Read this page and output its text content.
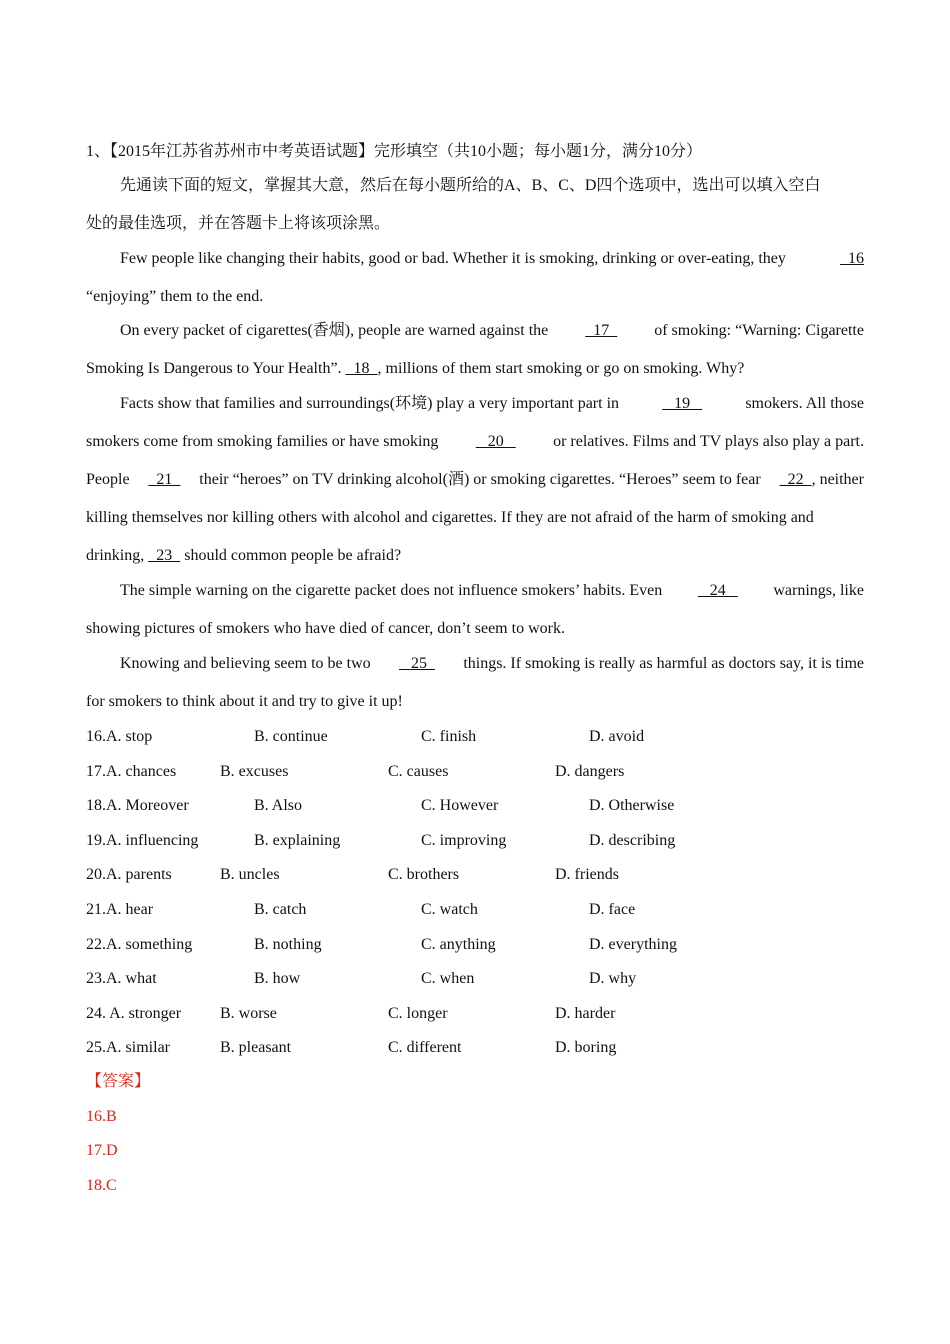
1、【2015年江苏省苏州市中考英语试题】完形填空（共10小题；每小题1分，满分10分）
先通读下面的短文，掌握其大意，然后在每小题所给的A、B、C、D四个选项中，选出可以填入空白
处的最佳选项，并在答题卡上将该项涂黑。
Few people like changing their habits, good or bad. Whether it is smoking, drinking or over-eating, they	16
“enjoying” them to the end.
On every packet of cigarettes(香烟), people are warned against the 17 of smoking: “Warning: Cigarette
Smoking Is Dangerous to Your Health”.   18  , millions of them start smoking or go on smoking. Why?
Facts show that families and surroundings(环境) play a very important part in	19	smokers. All those
smokers come from smoking families or have smoking 20 or relatives. Films and TV plays also play a part.
People 21 their “heroes” on TV drinking alcohol(酒) or smoking cigarettes. “Heroes” seem to fear 22  , neither
killing themselves nor killing others with alcohol and cigarettes. If they are not afraid of the harm of smoking and
drinking,   23   should common people be afraid?
The simple warning on the cigarette packet does not influence smokers’ habits. Even 24 warnings, like
showing pictures of smokers who have died of cancer, don’t seem to work.
Knowing and believing seem to be two 25 things. If smoking is really as harmful as doctors say, it is time
for smokers to think about it and try to give it up!
16.A. stop	B. continue	C. finish	D. avoid
17.A. chances	B. excuses	C. causes	D. dangers
18.A. Moreover	B. Also	C. However	D. Otherwise
19.A. influencing	B. explaining	C. improving	D. describing
20.A. parents	B. uncles	C. brothers	D. friends
21.A. hear	B. catch	C. watch	D. face
22.A. something	B. nothing	C. anything	D. everything
23.A. what	B. how	C. when	D. why
24. A. stronger B. worse	C. longer	D. harder
25.A. similar	B. pleasant	C. different	D. boring
【答案】
16.B
17.D
18.C
